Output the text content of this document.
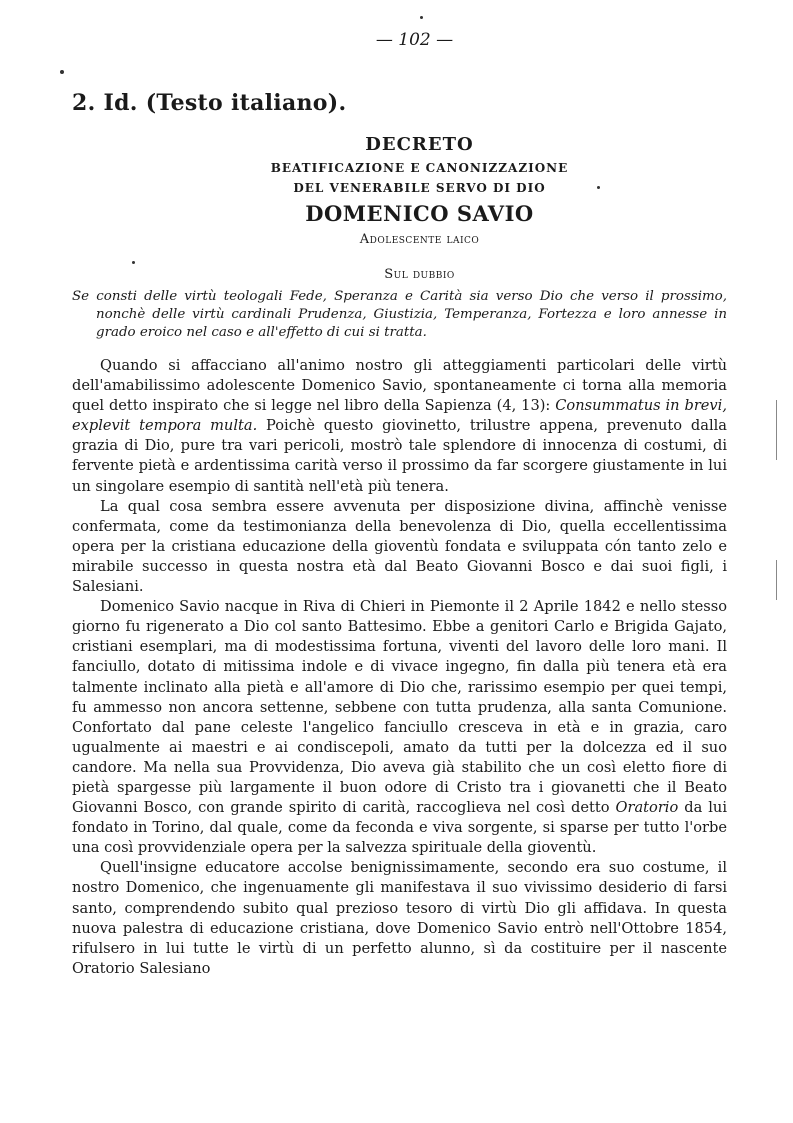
— 102 —
2. Id. (Testo italiano).
DECRETO
BEATIFICAZIONE E CANONIZZAZIONE
DEL VENERABILE SERVO DI DIO
DOMENICO SAVIO
Adolescente laico
Sul dubbio
Se consti delle virtù teologali Fede, Speranza e Carità sia verso Dio che verso il prossimo, nonchè delle virtù cardinali Prudenza, Giustizia, Temperanza, Fortezza e loro annesse in grado eroico nel caso e all'effetto di cui si tratta.

Quando si affacciano all'animo nostro gli atteggiamenti particolari delle virtù dell'amabilissimo adolescente Domenico Savio, spontaneamente ci torna alla memoria quel detto inspirato che si legge nel libro della Sapienza (4, 13): Consummatus in brevi, explevit tempora multa. Poichè questo giovinetto, trilustre appena, prevenuto dalla grazia di Dio, pure tra vari pericoli, mostrò tale splendore di innocenza di costumi, di fervente pietà e ardentissima carità verso il prossimo da far scorgere giustamente in lui un singolare esempio di santità nell'età più tenera.

La qual cosa sembra essere avvenuta per disposizione divina, affinchè venisse confermata, come da testimonianza della benevolenza di Dio, quella eccellentissima opera per la cristiana educazione della gioventù fondata e sviluppata cón tanto zelo e mirabile successo in questa nostra età dal Beato Giovanni Bosco e dai suoi figli, i Salesiani.

Domenico Savio nacque in Riva di Chieri in Piemonte il 2 Aprile 1842 e nello stesso giorno fu rigenerato a Dio col santo Battesimo. Ebbe a genitori Carlo e Brigida Gajato, cristiani esemplari, ma di modestissima fortuna, viventi del lavoro delle loro mani. Il fanciullo, dotato di mitissima indole e di vivace ingegno, fin dalla più tenera età era talmente inclinato alla pietà e all'amore di Dio che, rarissimo esempio per quei tempi, fu ammesso non ancora settenne, sebbene con tutta prudenza, alla santa Comunione. Confortato dal pane celeste l'angelico fanciullo cresceva in età e in grazia, caro ugualmente ai maestri e ai condiscepoli, amato da tutti per la dolcezza ed il suo candore. Ma nella sua Provvidenza, Dio aveva già stabilito che un così eletto fiore di pietà spargesse più largamente il buon odore di Cristo tra i giovanetti che il Beato Giovanni Bosco, con grande spirito di carità, raccoglieva nel così detto Oratorio da lui fondato in Torino, dal quale, come da feconda e viva sorgente, si sparse per tutto l'orbe una così provvidenziale opera per la salvezza spirituale della gioventù.

Quell'insigne educatore accolse benignissimamente, secondo era suo costume, il nostro Domenico, che ingenuamente gli manifestava il suo vivissimo desiderio di farsi santo, comprendendo subito qual prezioso tesoro di virtù Dio gli affidava. In questa nuova palestra di educazione cristiana, dove Domenico Savio entrò nell'Ottobre 1854, rifulsero in lui tutte le virtù di un perfetto alunno, sì da costituire per il nascente Oratorio Salesiano
